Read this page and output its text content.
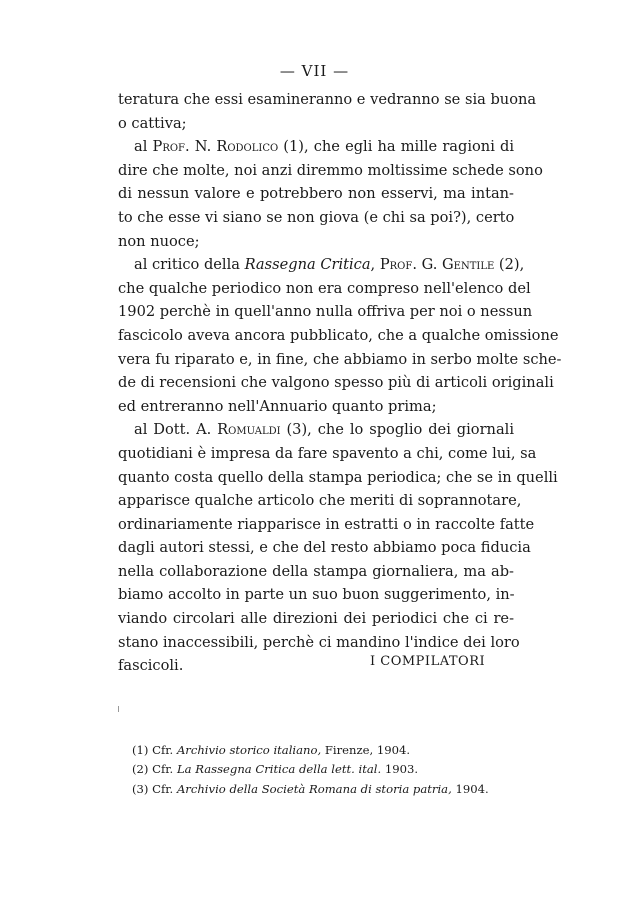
— VII —
teratura che essi esamineranno e vedranno se sia buona
o cattiva;
al Prof. N. Rodolico (1), che egli ha mille ragioni di
dire che molte, noi anzi diremmo moltissime schede sono
di nessun valore e potrebbero non esservi, ma intan-
to che esse vi siano se non giova (e chi sa poi?), certo
non nuoce;
al critico della Rassegna Critica, Prof. G. Gentile (2),
che qualche periodico non era compreso nell'elenco del
1902 perchè in quell'anno nulla offriva per noi o nessun
fascicolo aveva ancora pubblicato, che a qualche omissione
vera fu riparato e, in fine, che abbiamo in serbo molte sche-
de di recensioni che valgono spesso più di articoli originali
ed entreranno nell'Annuario quanto prima;
al Dott. A. Romualdi (3), che lo spoglio dei giornali
quotidiani è impresa da fare spavento a chi, come lui, sa
quanto costa quello della stampa periodica; che se in quelli
apparisce qualche articolo che meriti di soprannotare,
ordinariamente riapparisce in estratti o in raccolte fatte
dagli autori stessi, e che del resto abbiamo poca fiducia
nella collaborazione della stampa giornaliera, ma ab-
biamo accolto in parte un suo buon suggerimento, in-
viando circolari alle direzioni dei periodici che ci re-
stano inaccessibili, perchè ci mandino l'indice dei loro
fascicoli.	I COMPILATORI
(1) Cfr. Archivio storico italiano, Firenze, 1904.
(2) Cfr. La Rassegna Critica della lett. ital. 1903.
(3) Cfr. Archivio della Società Romana di storia patria, 1904.
